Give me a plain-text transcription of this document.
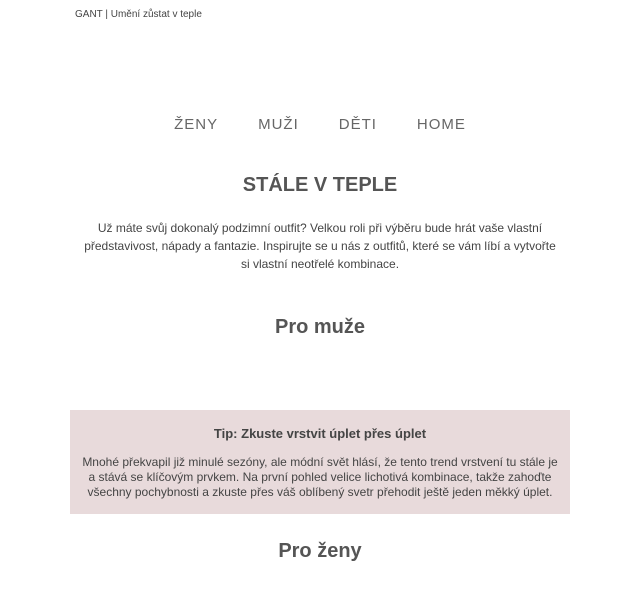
GANT | Umění zůstat v teple
ŽENY	MUŽI	DĚTI	HOME
STÁLE V TEPLE

Už máte svůj dokonalý podzimní outfit? Velkou roli při výběru bude hrát vaše vlastní představivost, nápady a fantazie. Inspirujte se u nás z outfitů, které se vám líbí a vytvořte si vlastní neotřelé kombinace.

Pro muže
Tip: Zkuste vrstvit úplet přes úplet
Mnohé překvapil již minulé sezóny, ale módní svět hlásí, že tento trend vrstvení tu stále je a stává se klíčovým prvkem. Na první pohled velice lichotivá kombinace, takže zahoďte všechny pochybnosti a zkuste přes váš oblíbený svetr přehodit ještě jeden měkký úplet.
Pro ženy
